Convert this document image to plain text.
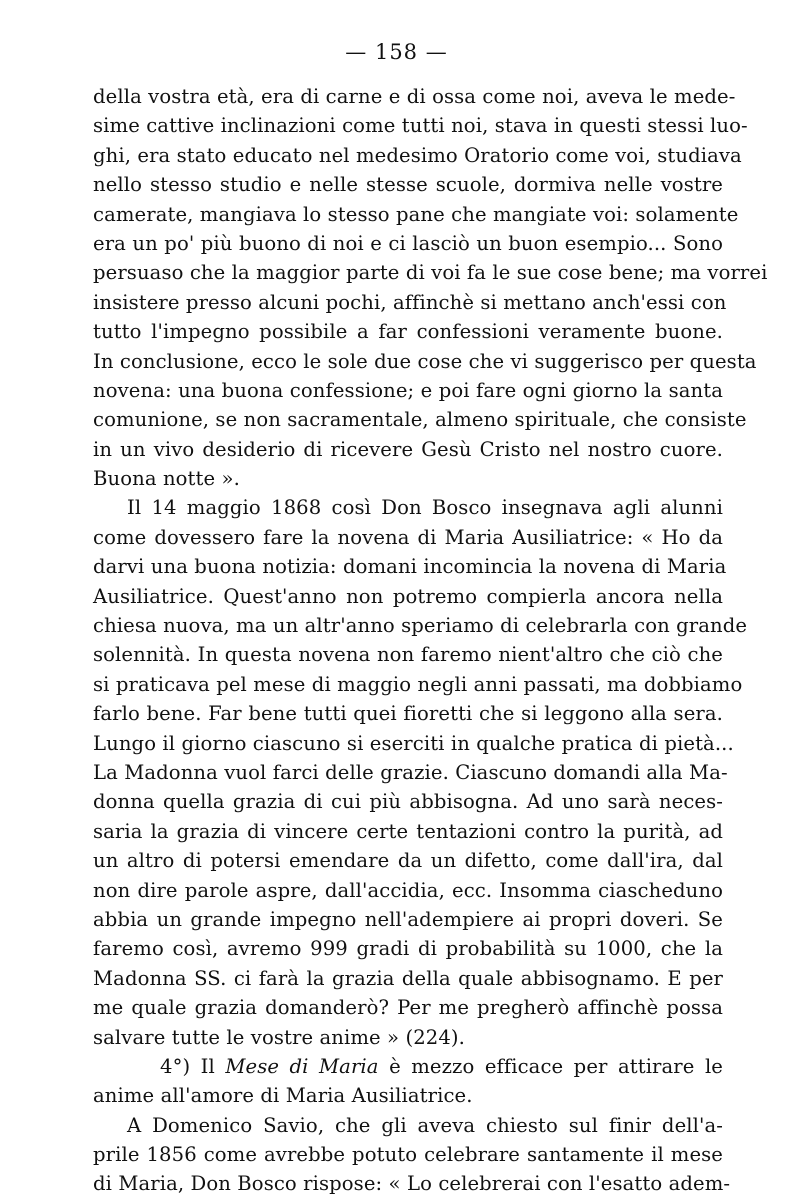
— 158 —
della vostra età, era di carne e di ossa come noi, aveva le mede-
sime cattive inclinazioni come tutti noi, stava in questi stessi luo-
ghi, era stato educato nel medesimo Oratorio come voi, studiava
nello stesso studio e nelle stesse scuole, dormiva nelle vostre
camerate, mangiava lo stesso pane che mangiate voi: solamente
era un po' più buono di noi e ci lasciò un buon esempio... Sono
persuaso che la maggior parte di voi fa le sue cose bene; ma vorrei
insistere presso alcuni pochi, affinchè si mettano anch'essi con
tutto l'impegno possibile a far confessioni veramente buone.
In conclusione, ecco le sole due cose che vi suggerisco per questa
novena: una buona confessione; e poi fare ogni giorno la santa
comunione, se non sacramentale, almeno spirituale, che consiste
in un vivo desiderio di ricevere Gesù Cristo nel nostro cuore.
Buona notte ».
Il 14 maggio 1868 così Don Bosco insegnava agli alunni
come dovessero fare la novena di Maria Ausiliatrice: « Ho da
darvi una buona notizia: domani incomincia la novena di Maria
Ausiliatrice. Quest'anno non potremo compierla ancora nella
chiesa nuova, ma un altr'anno speriamo di celebrarla con grande
solennità. In questa novena non faremo nient'altro che ciò che
si praticava pel mese di maggio negli anni passati, ma dobbiamo
farlo bene. Far bene tutti quei fioretti che si leggono alla sera.
Lungo il giorno ciascuno si eserciti in qualche pratica di pietà...
La Madonna vuol farci delle grazie. Ciascuno domandi alla Ma-
donna quella grazia di cui più abbisogna. Ad uno sarà neces-
saria la grazia di vincere certe tentazioni contro la purità, ad
un altro di potersi emendare da un difetto, come dall'ira, dal
non dire parole aspre, dall'accidia, ecc. Insomma ciascheduno
abbia un grande impegno nell'adempiere ai propri doveri. Se
faremo così, avremo 999 gradi di probabilità su 1000, che la
Madonna SS. ci farà la grazia della quale abbisognamo. E per
me quale grazia domanderò? Per me pregherò affinchè possa
salvare tutte le vostre anime » (224).
4°) Il Mese di Maria è mezzo efficace per attirare le
anime all'amore di Maria Ausiliatrice.
A Domenico Savio, che gli aveva chiesto sul finir dell'a-
prile 1856 come avrebbe potuto celebrare santamente il mese
di Maria, Don Bosco rispose: « Lo celebrerai con l'esatto adem-
